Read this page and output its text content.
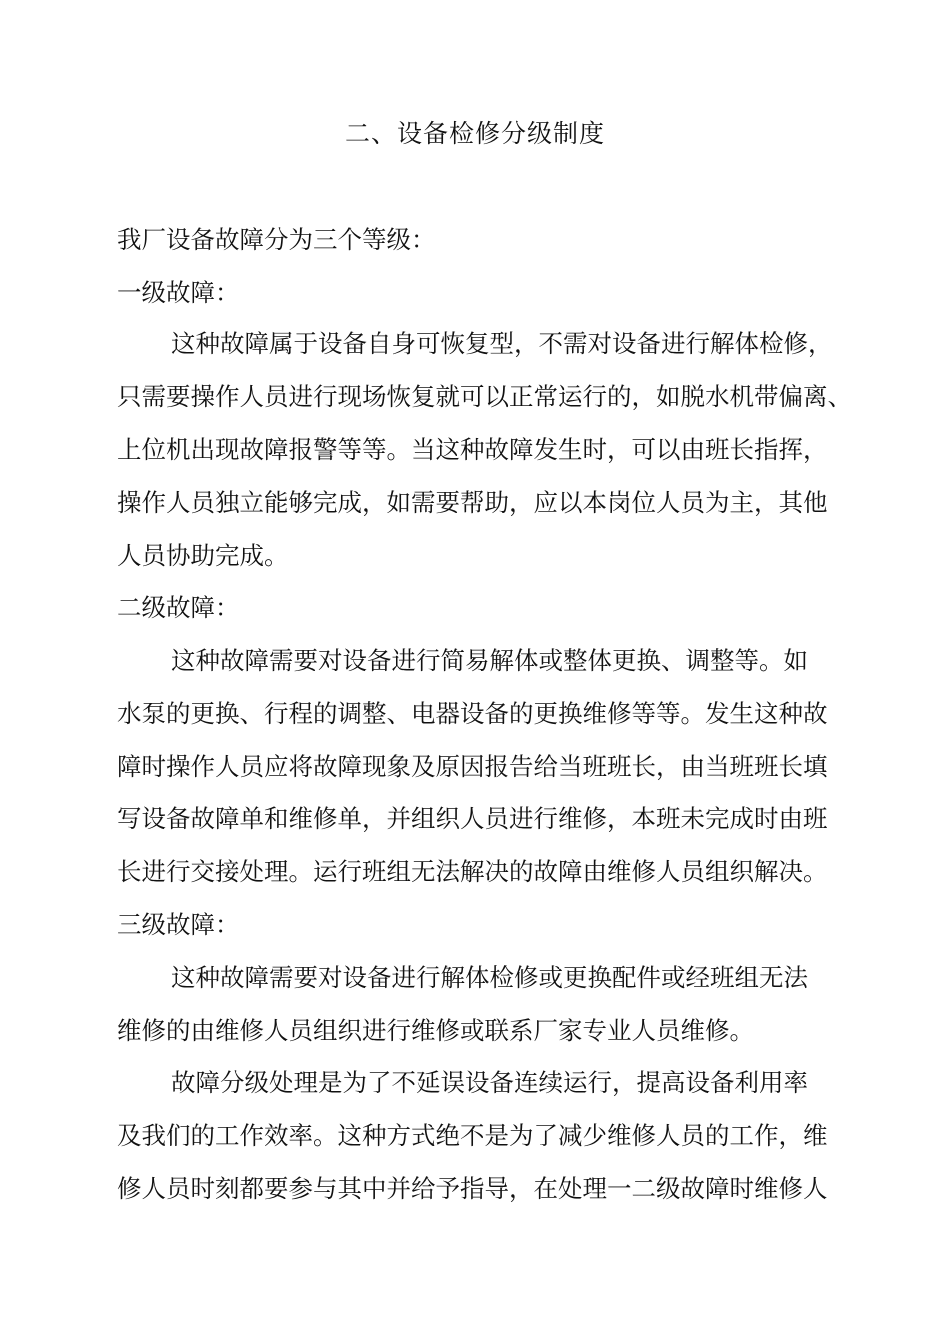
二、设备检修分级制度
我厂设备故障分为三个等级：
一级故障：
这种故障属于设备自身可恢复型，不需对设备进行解体检修，
只需要操作人员进行现场恢复就可以正常运行的，如脱水机带偏离、
上位机出现故障报警等等。当这种故障发生时，可以由班长指挥，
操作人员独立能够完成，如需要帮助，应以本岗位人员为主，其他
人员协助完成。
二级故障：
这种故障需要对设备进行简易解体或整体更换、调整等。如
水泵的更换、行程的调整、电器设备的更换维修等等。发生这种故
障时操作人员应将故障现象及原因报告给当班班长，由当班班长填
写设备故障单和维修单，并组织人员进行维修，本班未完成时由班
长进行交接处理。运行班组无法解决的故障由维修人员组织解决。
三级故障：
这种故障需要对设备进行解体检修或更换配件或经班组无法
维修的由维修人员组织进行维修或联系厂家专业人员维修。
故障分级处理是为了不延误设备连续运行，提高设备利用率
及我们的工作效率。这种方式绝不是为了减少维修人员的工作，维
修人员时刻都要参与其中并给予指导，在处理一二级故障时维修人
